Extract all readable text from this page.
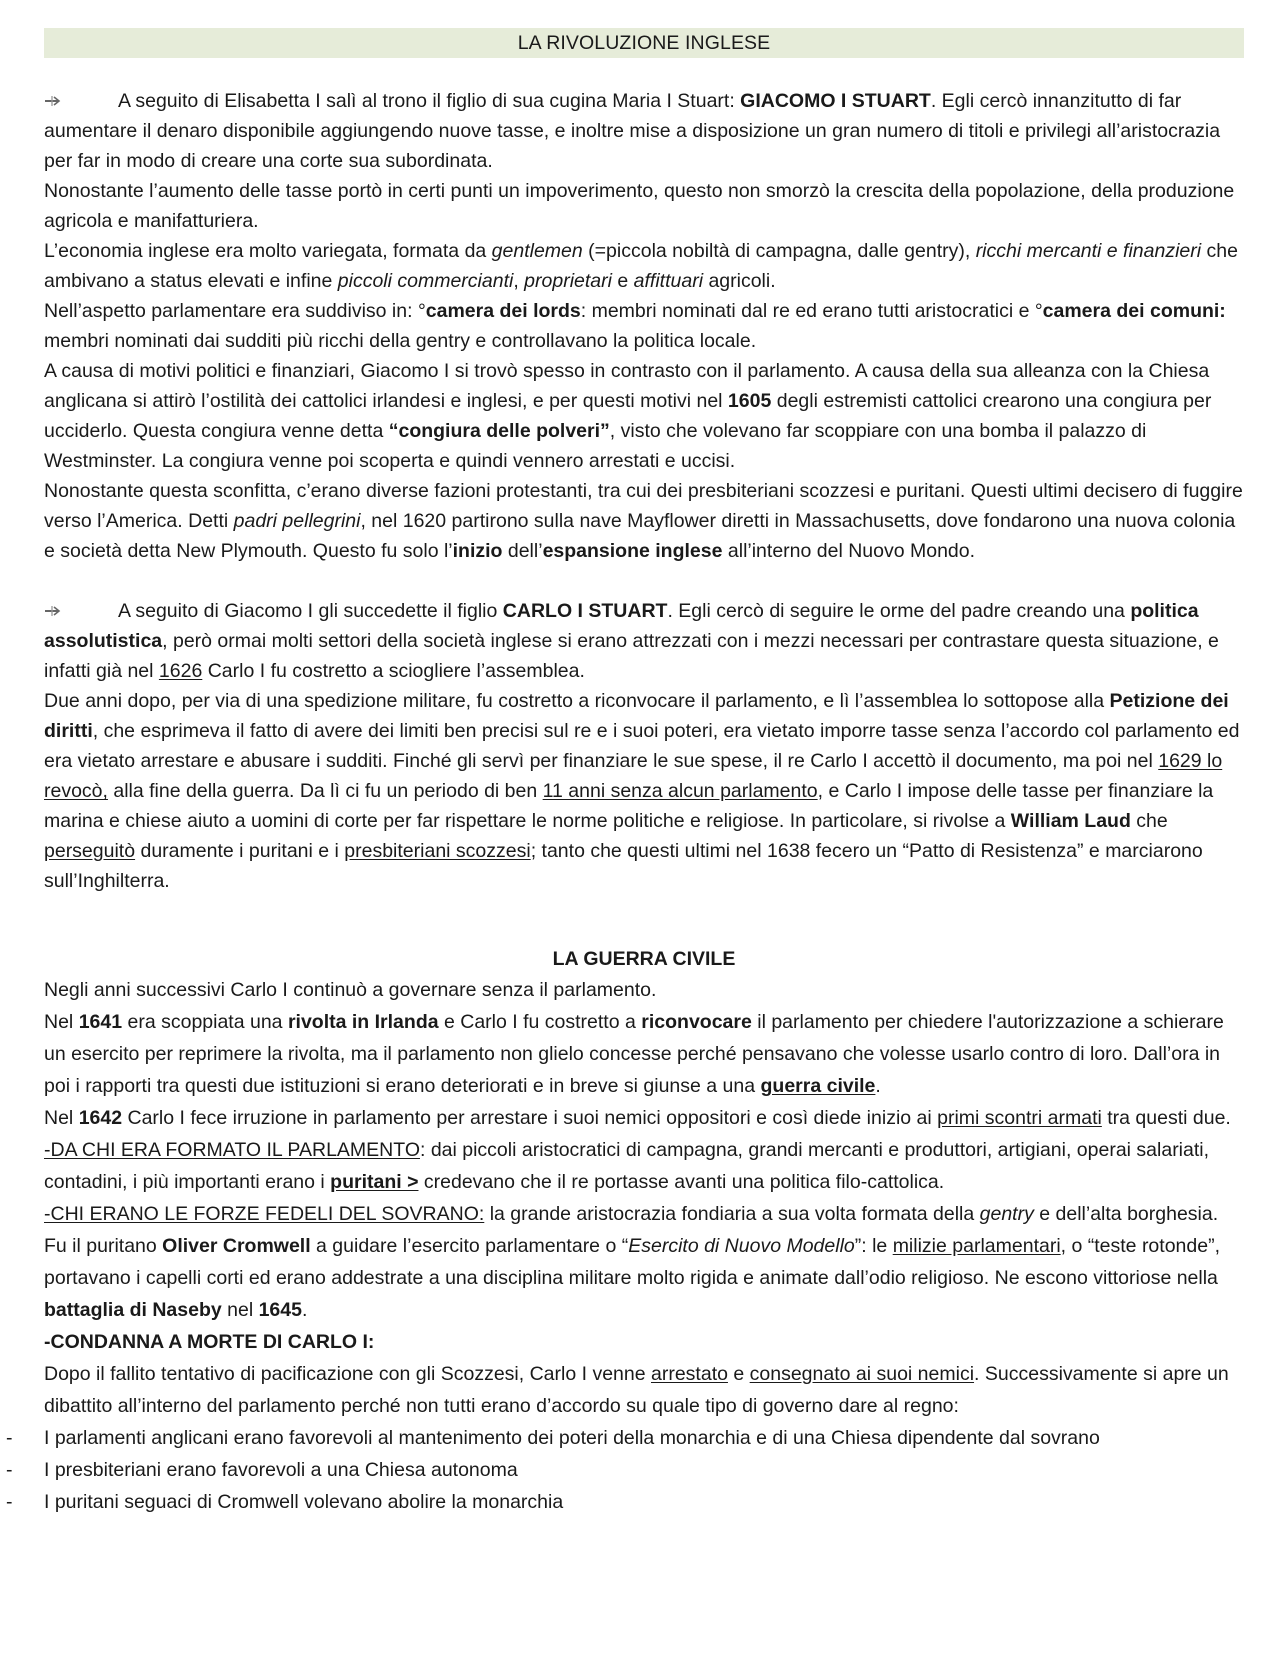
LA RIVOLUZIONE INGLESE

A seguito di Elisabetta I salì al trono il figlio di sua cugina Maria I Stuart: GIACOMO I STUART. Egli cercò innanzitutto di far aumentare il denaro disponibile aggiungendo nuove tasse, e inoltre mise a disposizione un gran numero di titoli e privilegi all’aristocrazia per far in modo di creare una corte sua subordinata.

Nonostante l’aumento delle tasse portò in certi punti un impoverimento, questo non smorzò la crescita della popolazione, della produzione agricola e manifatturiera.

L’economia inglese era molto variegata, formata da gentlemen (=piccola nobiltà di campagna, dalle gentry), ricchi mercanti e finanzieri che ambivano a status elevati e infine piccoli commercianti, proprietari e affittuari agricoli.

Nell’aspetto parlamentare era suddiviso in: °camera dei lords: membri nominati dal re ed erano tutti aristocratici e °camera dei comuni: membri nominati dai sudditi più ricchi della gentry e controllavano la politica locale.

A causa di motivi politici e finanziari, Giacomo I si trovò spesso in contrasto con il parlamento. A causa della sua alleanza con la Chiesa anglicana si attirò l’ostilità dei cattolici irlandesi e inglesi, e per questi motivi nel 1605 degli estremisti cattolici crearono una congiura per ucciderlo. Questa congiura venne detta “congiura delle polveri”, visto che volevano far scoppiare con una bomba il palazzo di Westminster. La congiura venne poi scoperta e quindi vennero arrestati e uccisi.

Nonostante questa sconfitta, c’erano diverse fazioni protestanti, tra cui dei presbiteriani scozzesi e puritani. Questi ultimi decisero di fuggire verso l’America. Detti padri pellegrini, nel 1620 partirono sulla nave Mayflower diretti in Massachusetts, dove fondarono una nuova colonia e società detta New Plymouth. Questo fu solo l’inizio dell’espansione inglese all’interno del Nuovo Mondo.

A seguito di Giacomo I gli succedette il figlio CARLO I STUART. Egli cercò di seguire le orme del padre creando una politica assolutistica, però ormai molti settori della società inglese si erano attrezzati con i mezzi necessari per contrastare questa situazione, e infatti già nel 1626 Carlo I fu costretto a sciogliere l’assemblea.

Due anni dopo, per via di una spedizione militare, fu costretto a riconvocare il parlamento, e lì l’assemblea lo sottopose alla Petizione dei diritti, che esprimeva il fatto di avere dei limiti ben precisi sul re e i suoi poteri, era vietato imporre tasse senza l’accordo col parlamento ed era vietato arrestare e abusare i sudditi. Finché gli servì per finanziare le sue spese, il re Carlo I accettò il documento, ma poi nel 1629 lo revocò, alla fine della guerra. Da lì ci fu un periodo di ben 11 anni senza alcun parlamento, e Carlo I impose delle tasse per finanziare la marina e chiese aiuto a uomini di corte per far rispettare le norme politiche e religiose. In particolare, si rivolse a William Laud che perseguitò duramente i puritani e i presbiteriani scozzesi; tanto che questi ultimi nel 1638 fecero un “Patto di Resistenza” e marciarono sull’Inghilterra.

LA GUERRA CIVILE

Negli anni successivi Carlo I continuò a governare senza il parlamento.

Nel 1641 era scoppiata una rivolta in Irlanda e Carlo I fu costretto a riconvocare il parlamento per chiedere l'autorizzazione a schierare un esercito per reprimere la rivolta, ma il parlamento non glielo concesse perché pensavano che volesse usarlo contro di loro. Dall’ora in poi i rapporti tra questi due istituzioni si erano deteriorati e in breve si giunse a una guerra civile.

Nel 1642 Carlo I fece irruzione in parlamento per arrestare i suoi nemici oppositori e così diede inizio ai primi scontri armati tra questi due.

-DA CHI ERA FORMATO IL PARLAMENTO: dai piccoli aristocratici di campagna, grandi mercanti e produttori, artigiani, operai salariati, contadini, i più importanti erano i puritani > credevano che il re portasse avanti una politica filo-cattolica.

-CHI ERANO LE FORZE FEDELI DEL SOVRANO: la grande aristocrazia fondiaria a sua volta formata della gentry e dell’alta borghesia.

Fu il puritano Oliver Cromwell a guidare l’esercito parlamentare o “Esercito di Nuovo Modello”: le milizie parlamentari, o “teste rotonde”, portavano i capelli corti ed erano addestrate a una disciplina militare molto rigida e animate dall’odio religioso. Ne escono vittoriose nella battaglia di Naseby nel 1645.

-CONDANNA A MORTE DI CARLO I:

Dopo il fallito tentativo di pacificazione con gli Scozzesi, Carlo I venne arrestato e consegnato ai suoi nemici. Successivamente si apre un dibattito all’interno del parlamento perché non tutti erano d’accordo su quale tipo di governo dare al regno:

- I parlamenti anglicani erano favorevoli al mantenimento dei poteri della monarchia e di una Chiesa dipendente dal sovrano

- I presbiteriani erano favorevoli a una Chiesa autonoma

- I puritani seguaci di Cromwell volevano abolire la monarchia
